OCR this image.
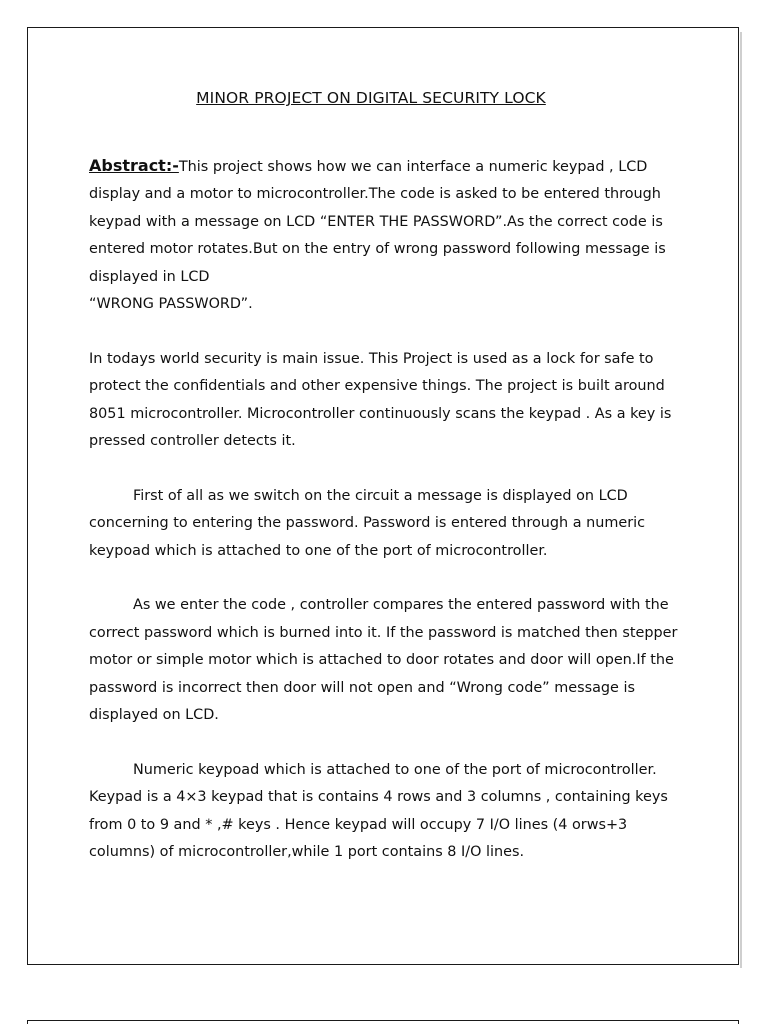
MINOR PROJECT ON DIGITAL SECURITY LOCK

Abstract:-This project shows how we can interface a numeric keypad , LCD display and a motor to microcontroller.The code is asked to be entered through keypad with a message on LCD “ENTER THE PASSWORD”.As the correct code is entered motor rotates.But on the entry of wrong password following message is displayed in LCD
“WRONG PASSWORD”.

In todays world security is main issue. This Project is used as a lock for safe to protect the confidentials and other expensive things. The project is built around 8051 microcontroller. Microcontroller continuously scans the keypad . As a key is pressed controller detects it.

First of all as we switch on the circuit a message is displayed on LCD concerning to entering the password. Password is entered through a numeric keypoad which is attached to one of the port of microcontroller.

As we enter the code , controller compares the entered password with the correct password which is burned into it. If the password is matched then stepper motor or simple motor which is attached to door rotates and door will open.If the password is incorrect then door will not open and “Wrong code” message is displayed on LCD.

Numeric keypoad which is attached to one of the port of microcontroller. Keypad is a 4×3 keypad that is contains 4 rows and 3 columns , containing keys from 0 to 9 and * ,# keys . Hence keypad will occupy 7 I/O lines (4 orws+3 columns) of microcontroller,while 1 port contains 8 I/O lines.
